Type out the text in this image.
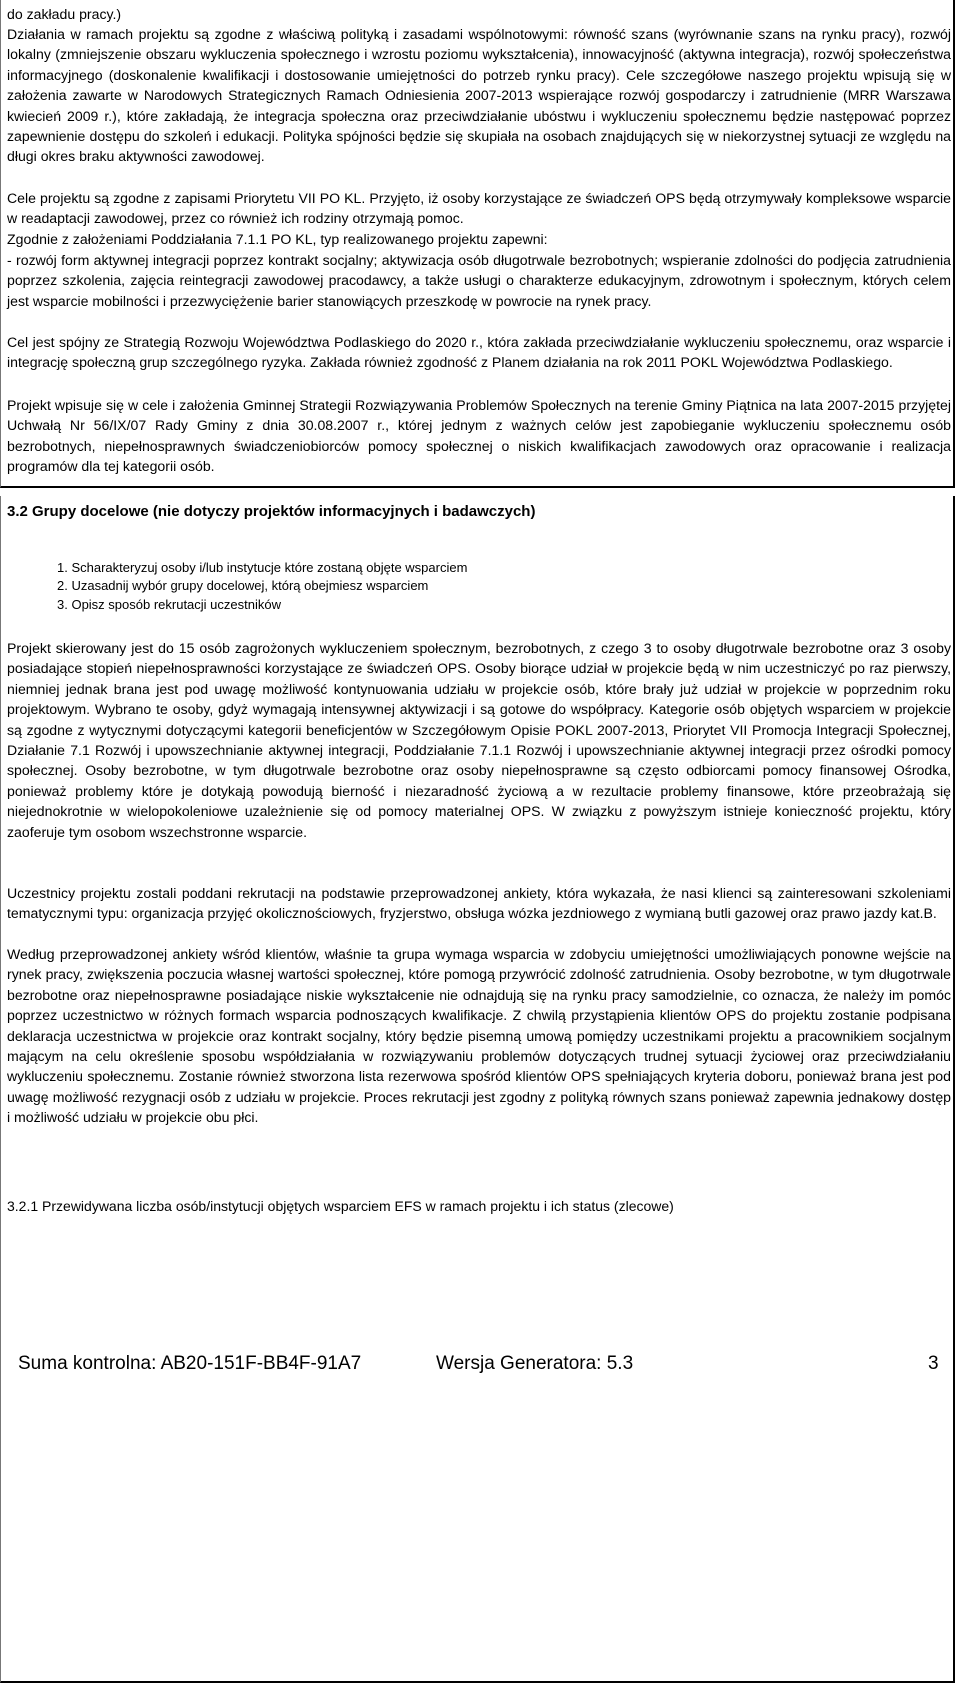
do zakładu pracy.)
Działania w ramach projektu są zgodne z właściwą polityką i zasadami wspólnotowymi: równość szans (wyrównanie szans na rynku pracy), rozwój lokalny (zmniejszenie obszaru wykluczenia społecznego i wzrostu poziomu wykształcenia), innowacyjność (aktywna integracja), rozwój społeczeństwa informacyjnego (doskonalenie kwalifikacji i dostosowanie umiejętności do potrzeb rynku pracy). Cele szczegółowe naszego projektu wpisują się w założenia zawarte w Narodowych Strategicznych Ramach Odniesienia 2007-2013 wspierające rozwój gospodarczy i zatrudnienie (MRR Warszawa kwiecień 2009 r.), które zakładają, że integracja społeczna oraz przeciwdziałanie ubóstwu i wykluczeniu społecznemu będzie następować poprzez zapewnienie dostępu do szkoleń i edukacji. Polityka spójności będzie się skupiała na osobach znajdujących się w niekorzystnej sytuacji ze względu na długi okres braku aktywności zawodowej.
Cele projektu są zgodne z zapisami Priorytetu VII PO KL. Przyjęto, iż osoby korzystające ze świadczeń OPS będą otrzymywały kompleksowe wsparcie w readaptacji zawodowej, przez co również ich rodziny otrzymają pomoc.
Zgodnie z założeniami Poddziałania 7.1.1 PO KL, typ realizowanego projektu zapewni:
- rozwój form aktywnej integracji poprzez kontrakt socjalny; aktywizacja osób długotrwale bezrobotnych; wspieranie zdolności do podjęcia zatrudnienia poprzez szkolenia, zajęcia reintegracji zawodowej pracodawcy, a także usługi o charakterze edukacyjnym, zdrowotnym i społecznym, których celem jest wsparcie mobilności i przezwyciężenie barier stanowiących przeszkodę w powrocie na rynek pracy.
Cel jest spójny ze Strategią Rozwoju Województwa Podlaskiego do 2020 r., która zakłada przeciwdziałanie wykluczeniu społecznemu, oraz wsparcie i integrację społeczną grup szczególnego ryzyka. Zakłada również zgodność z Planem działania na rok 2011 POKL Województwa Podlaskiego.
Projekt wpisuje się w cele i założenia Gminnej Strategii Rozwiązywania Problemów Społecznych na terenie Gminy Piątnica na lata 2007-2015 przyjętej Uchwałą Nr 56/IX/07 Rady Gminy z dnia 30.08.2007 r., której jednym z ważnych celów jest zapobieganie wykluczeniu społecznemu osób bezrobotnych, niepełnosprawnych świadczeniobiorców pomocy społecznej o niskich kwalifikacjach zawodowych oraz opracowanie i realizacja programów dla tej kategorii osób.
3.2 Grupy docelowe (nie dotyczy projektów informacyjnych i badawczych)
1. Scharakteryzuj osoby i/lub instytucje które zostaną objęte wsparciem
2. Uzasadnij wybór grupy docelowej, którą obejmiesz wsparciem
3. Opisz sposób rekrutacji uczestników
Projekt skierowany jest do 15 osób zagrożonych wykluczeniem społecznym, bezrobotnych, z czego 3 to osoby długotrwale bezrobotne oraz 3 osoby posiadające stopień niepełnosprawności korzystające ze świadczeń OPS. Osoby biorące udział w projekcie będą w nim uczestniczyć po raz pierwszy, niemniej jednak brana jest pod uwagę możliwość kontynuowania udziału w projekcie osób, które brały już udział w projekcie w poprzednim roku projektowym. Wybrano te osoby, gdyż wymagają intensywnej aktywizacji i są gotowe do współpracy. Kategorie osób objętych wsparciem w projekcie są zgodne z wytycznymi dotyczącymi kategorii beneficjentów w Szczegółowym Opisie POKL 2007-2013, Priorytet VII Promocja Integracji Społecznej, Działanie 7.1 Rozwój i upowszechnianie aktywnej integracji, Poddziałanie 7.1.1 Rozwój i upowszechnianie aktywnej integracji przez ośrodki pomocy społecznej. Osoby bezrobotne, w tym długotrwale bezrobotne oraz osoby niepełnosprawne są często odbiorcami pomocy finansowej Ośrodka, ponieważ problemy które je dotykają powodują bierność i niezaradność życiową a w rezultacie problemy finansowe, które przeobrażają się niejednokrotnie w wielopokoleniowe uzależnienie się od pomocy materialnej OPS. W związku z powyższym istnieje konieczność projektu, który zaoferuje tym osobom wszechstronne wsparcie.
Uczestnicy projektu zostali poddani rekrutacji na podstawie przeprowadzonej ankiety, która wykazała, że nasi klienci są zainteresowani szkoleniami tematycznymi typu: organizacja przyjęć okolicznościowych, fryzjerstwo, obsługa wózka jezdniowego z wymianą butli gazowej oraz prawo jazdy kat.B.
Według przeprowadzonej ankiety wśród klientów, właśnie ta grupa wymaga wsparcia w zdobyciu umiejętności umożliwiających ponowne wejście na rynek pracy, zwiększenia poczucia własnej wartości społecznej, które pomogą przywrócić zdolność zatrudnienia. Osoby bezrobotne, w tym długotrwale bezrobotne oraz niepełnosprawne posiadające niskie wykształcenie nie odnajdują się na rynku pracy samodzielnie, co oznacza, że należy im pomóc poprzez uczestnictwo w różnych formach wsparcia podnoszących kwalifikacje. Z chwilą przystąpienia klientów OPS do projektu zostanie podpisana deklaracja uczestnictwa w projekcie oraz kontrakt socjalny, który będzie pisemną umową pomiędzy uczestnikami projektu a pracownikiem socjalnym mającym na celu określenie sposobu współdziałania w rozwiązywaniu problemów dotyczących trudnej sytuacji życiowej oraz przeciwdziałaniu wykluczeniu społecznemu. Zostanie również stworzona lista rezerwowa spośród klientów OPS spełniających kryteria doboru, ponieważ brana jest pod uwagę możliwość rezygnacji osób z udziału w projekcie. Proces rekrutacji jest zgodny z polityką równych szans ponieważ zapewnia jednakowy dostęp i możliwość udziału w projekcie obu płci.
3.2.1 Przewidywana liczba osób/instytucji objętych wsparciem EFS w ramach projektu i ich status (zlecowe)
Suma kontrolna: AB20-151F-BB4F-91A7	Wersja Generatora: 5.3	3
